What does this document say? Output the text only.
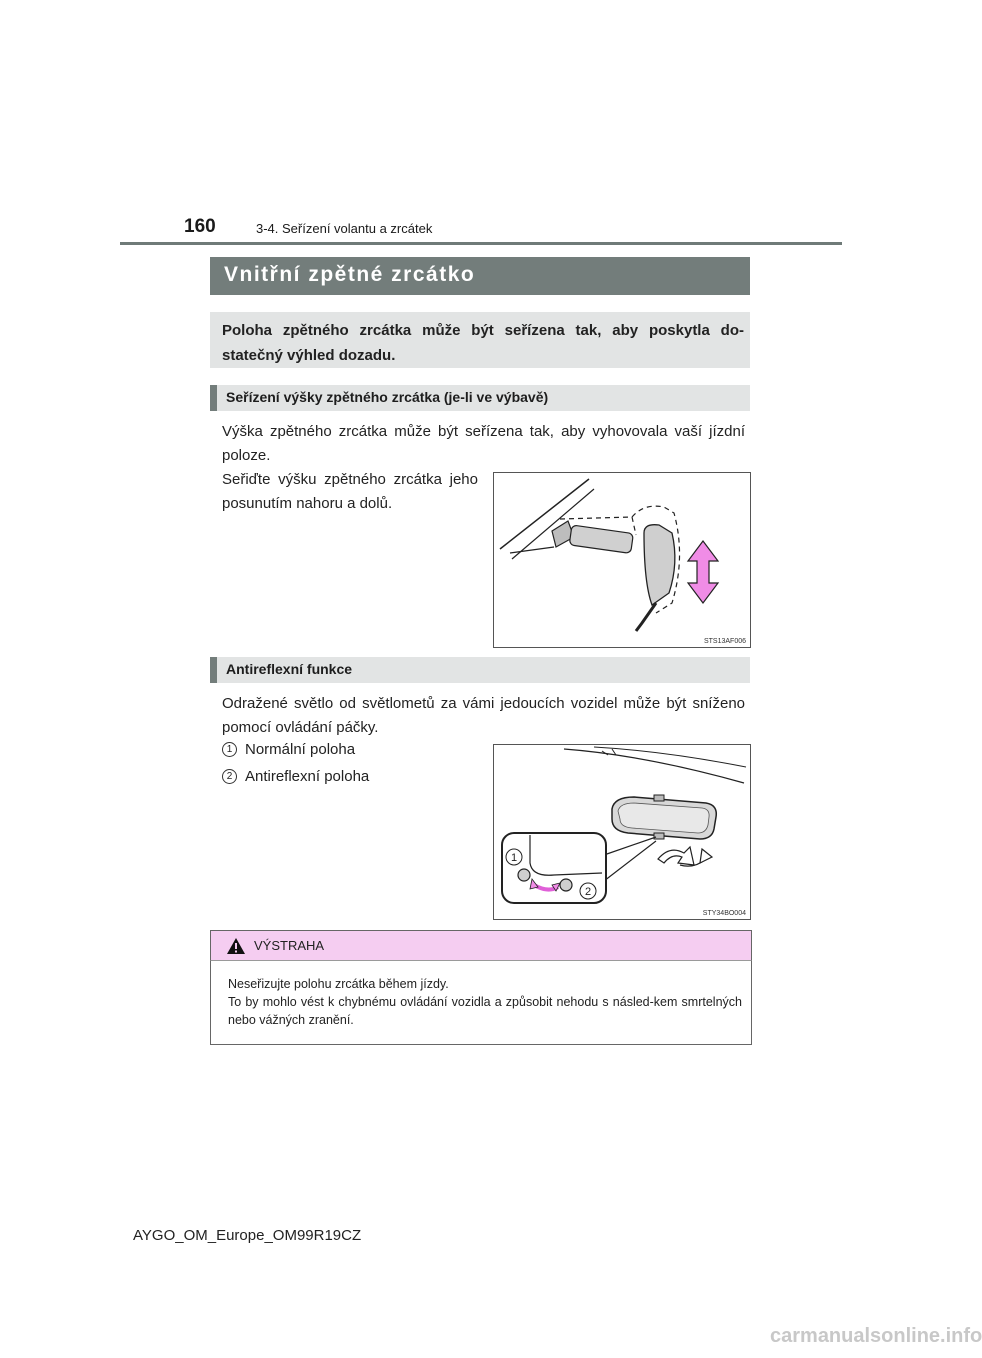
160	3-4. Seřízení volantu a zrcátek
Vnitřní zpětné zrcátko
Poloha zpětného zrcátka může být seřízena tak, aby poskytla do-statečný výhled dozadu.
Seřízení výšky zpětného zrcátka (je-li ve výbavě)
Výška zpětného zrcátka může být seřízena tak, aby vyhovovala vaší jízdní poloze.
Seřiďte výšku zpětného zrcátka jeho posunutím nahoru a dolů.
STS13AF006
Antireflexní funkce
Odražené světlo od světlometů za vámi jedoucích vozidel může být sníženo pomocí ovládání páčky.
1 Normální poloha
2 Antireflexní poloha
1
2
STY34BO004
VÝSTRAHA
Neseřizujte polohu zrcátka během jízdy.
To by mohlo vést k chybnému ovládání vozidla a způsobit nehodu s násled-kem smrtelných nebo vážných zranění.
AYGO_OM_Europe_OM99R19CZ
carmanualsonline.info
